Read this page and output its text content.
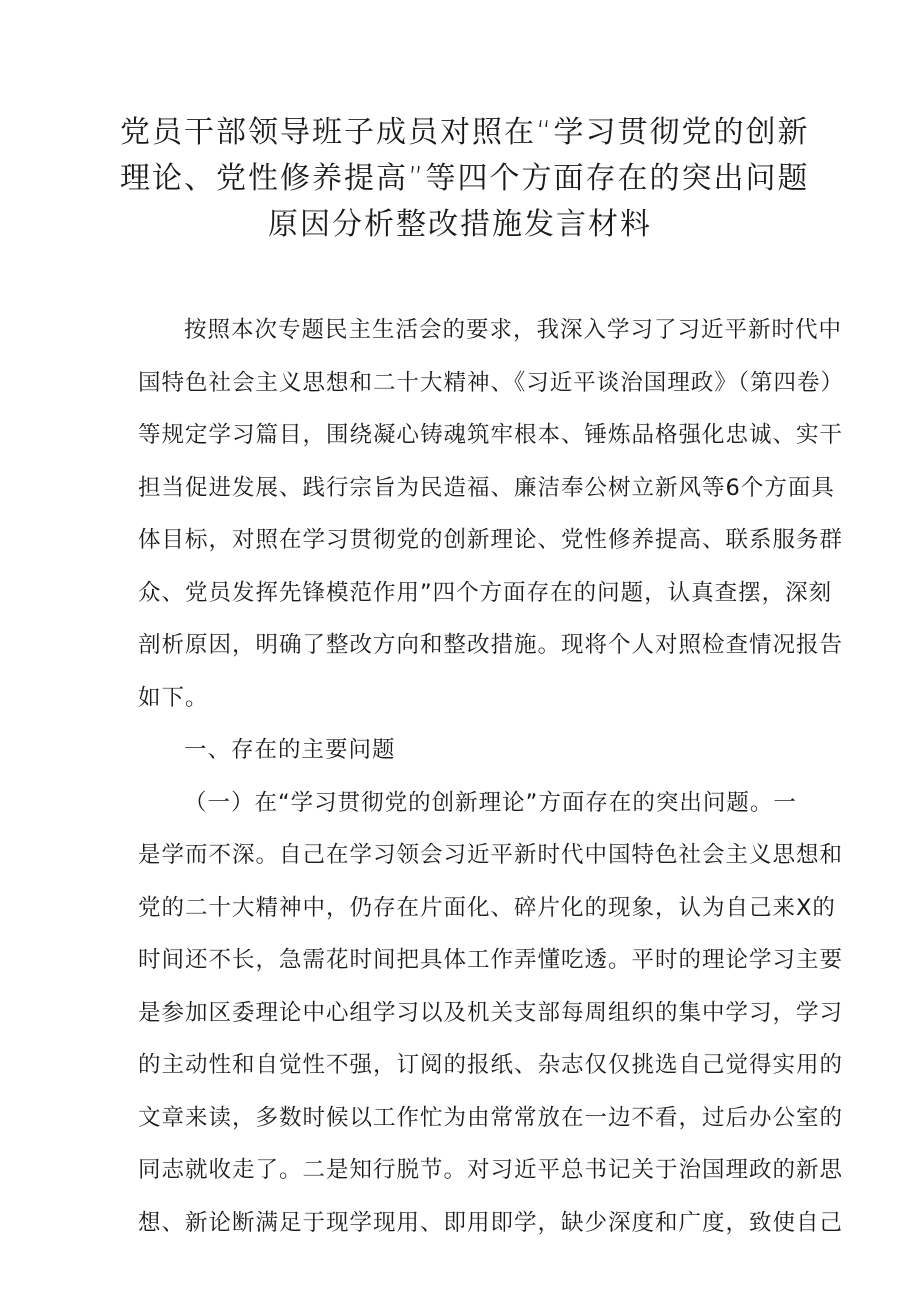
党员干部领导班子成员对照在“学习贯彻党的创新
理论、党性修养提高”等四个方面存在的突出问题
原因分析整改措施发言材料
按照本次专题民主生活会的要求，我深入学习了习近平新时代中
国特色社会主义思想和二十大精神、《习近平谈治国理政》（第四卷）
等规定学习篇目，围绕凝心铸魂筑牢根本、锤炼品格强化忠诚、实干
担当促进发展、践行宗旨为民造福、廉洁奉公树立新风等6个方面具
体目标，对照在学习贯彻党的创新理论、党性修养提高、联系服务群
众、党员发挥先锋模范作用”四个方面存在的问题，认真查摆，深刻
剖析原因，明确了整改方向和整改措施。现将个人对照检查情况报告
如下。
一、存在的主要问题
（一）在“学习贯彻党的创新理论”方面存在的突出问题。一
是学而不深。自己在学习领会习近平新时代中国特色社会主义思想和
党的二十大精神中，仍存在片面化、碎片化的现象，认为自己来X的
时间还不长，急需花时间把具体工作弄懂吃透。平时的理论学习主要
是参加区委理论中心组学习以及机关支部每周组织的集中学习，学习
的主动性和自觉性不强，订阅的报纸、杂志仅仅挑选自己觉得实用的
文章来读，多数时候以工作忙为由常常放在一边不看，过后办公室的
同志就收走了。二是知行脱节。对习近平总书记关于治国理政的新思
想、新论断满足于现学现用、即用即学，缺少深度和广度，致使自己
